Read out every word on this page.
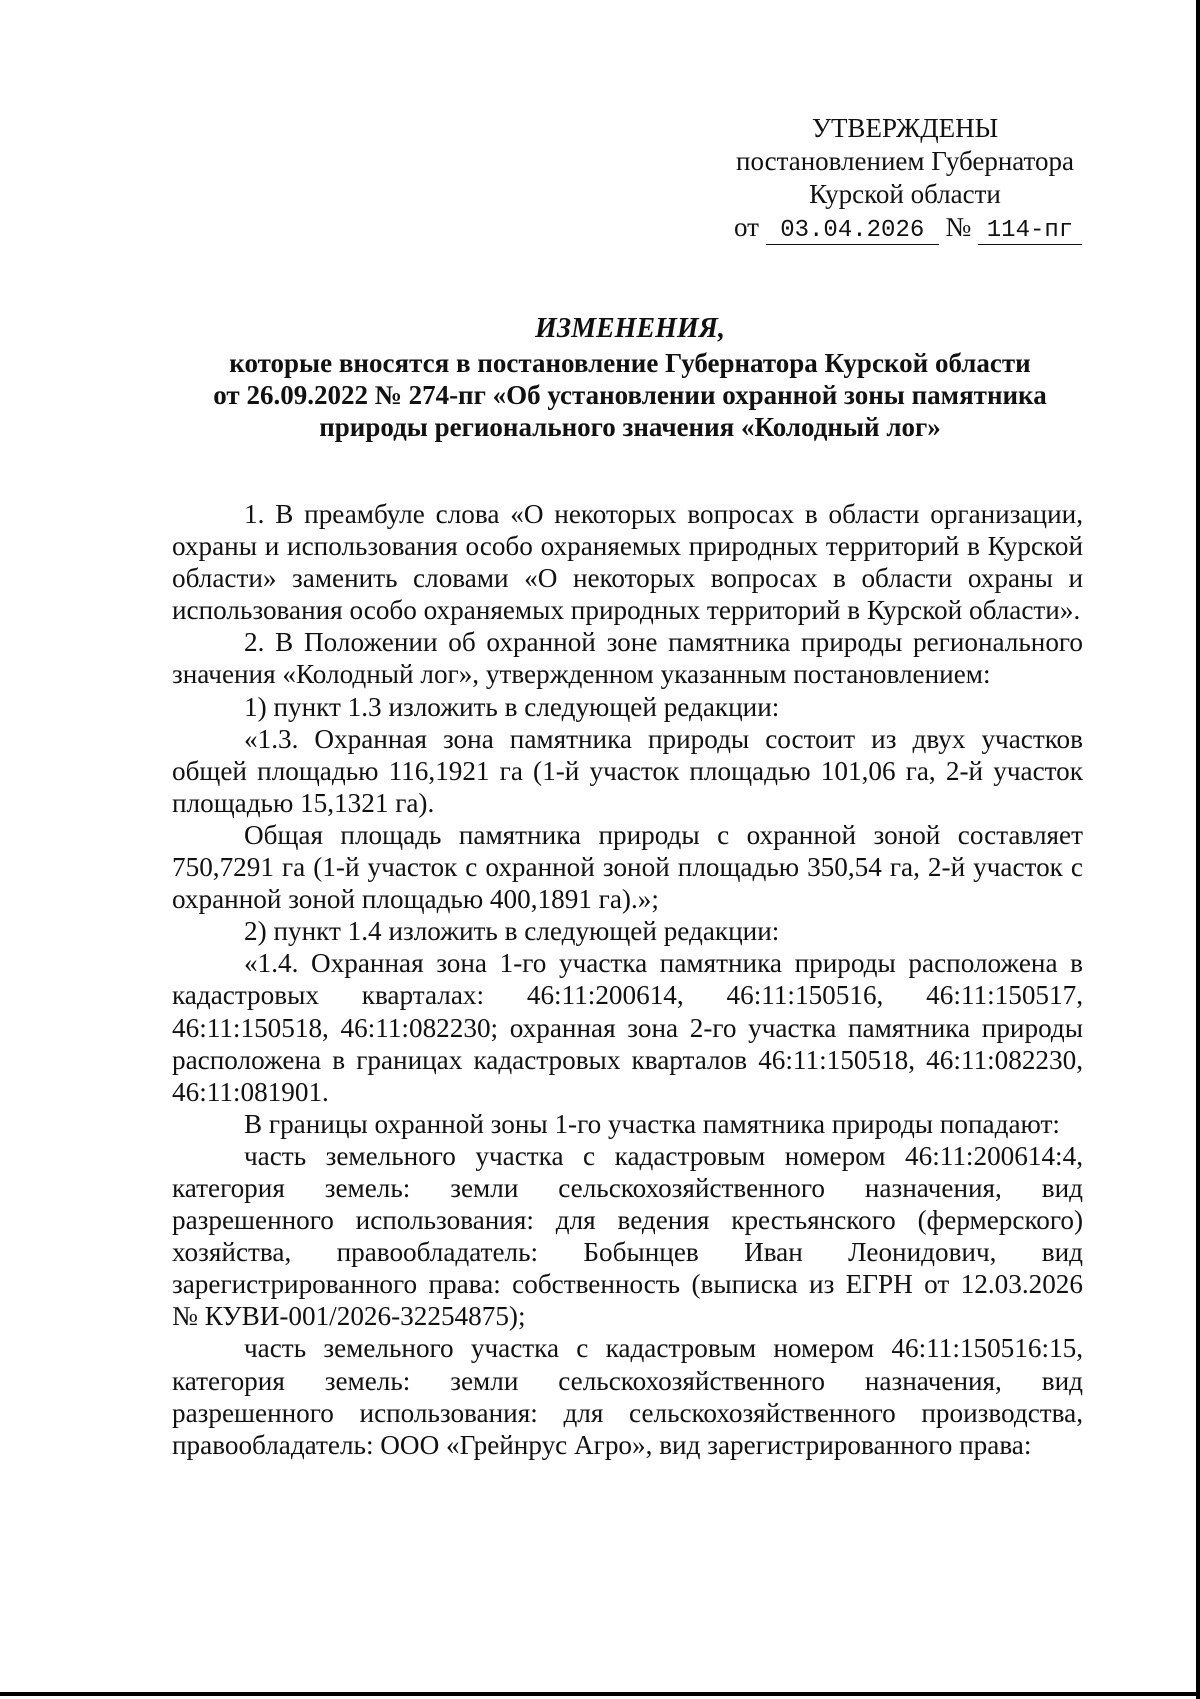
УТВЕРЖДЕНЫ
постановлением Губернатора
Курской области
от 03.04.2026 № 114-пг
ИЗМЕНЕНИЯ,
которые вносятся в постановление Губернатора Курской области
от 26.09.2022 № 274-пг «Об установлении охранной зоны памятника
природы регионального значения «Колодный лог»

1. В преамбуле слова «О некоторых вопросах в области организации, охраны и использования особо охраняемых природных территорий в Курской области» заменить словами «О некоторых вопросах в области охраны и использования особо охраняемых природных территорий в Курской области».

2. В Положении об охранной зоне памятника природы регионального значения «Колодный лог», утвержденном указанным постановлением:

1) пункт 1.3 изложить в следующей редакции:

«1.3. Охранная зона памятника природы состоит из двух участков общей площадью 116,1921 га (1-й участок площадью 101,06 га, 2-й участок площадью 15,1321 га).

Общая площадь памятника природы с охранной зоной составляет 750,7291 га (1-й участок с охранной зоной площадью 350,54 га, 2-й участок с охранной зоной площадью 400,1891 га).»;

2) пункт 1.4 изложить в следующей редакции:

«1.4. Охранная зона 1-го участка памятника природы расположена в кадастровых кварталах: 46:11:200614, 46:11:150516, 46:11:150517, 46:11:150518, 46:11:082230; охранная зона 2-го участка памятника природы расположена в границах кадастровых кварталов 46:11:150518, 46:11:082230, 46:11:081901.

В границы охранной зоны 1-го участка памятника природы попадают:

часть земельного участка с кадастровым номером 46:11:200614:4, категория земель: земли сельскохозяйственного назначения, вид разрешенного использования: для ведения крестьянского (фермерского) хозяйства, правообладатель: Бобынцев Иван Леонидович, вид зарегистрированного права: собственность (выписка из ЕГРН от 12.03.2026 № КУВИ-001/2026-32254875);

часть земельного участка с кадастровым номером 46:11:150516:15, категория земель: земли сельскохозяйственного назначения, вид разрешенного использования: для сельскохозяйственного производства, правообладатель: ООО «Грейнрус Агро», вид зарегистрированного права:
